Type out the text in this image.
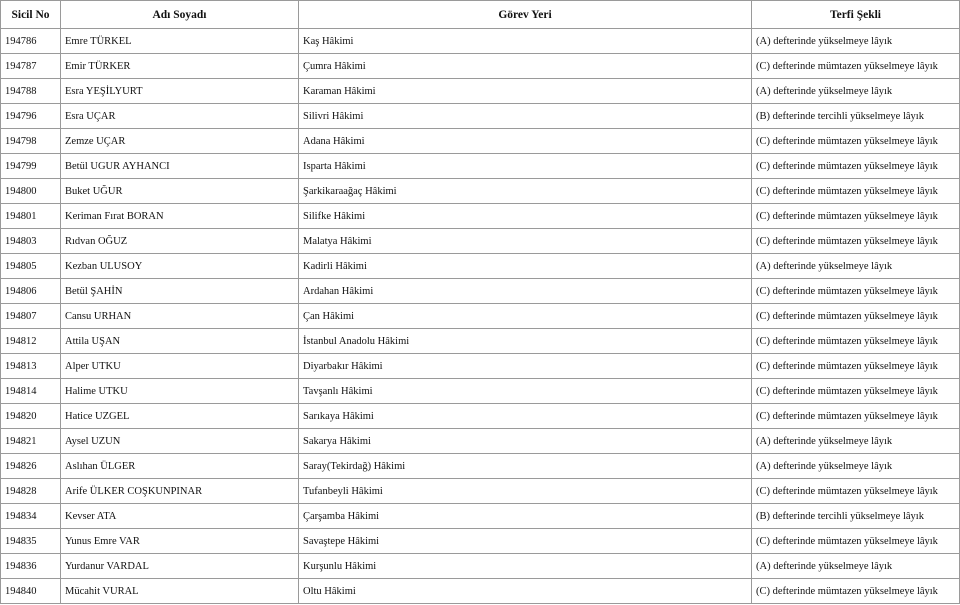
Sicil No	Adı Soyadı	Görev Yeri	Terfi Şekli
194786	Emre TÜRKEL	Kaş Hâkimi	(A) defterinde yükselmeye lâyık
194787	Emir TÜRKER	Çumra Hâkimi	(C) defterinde mümtazen yükselmeye lâyık
194788	Esra YEŞİLYURT	Karaman Hâkimi	(A) defterinde yükselmeye lâyık
194796	Esra UÇAR	Silivri Hâkimi	(B) defterinde tercihli yükselmeye lâyık
194798	Zemze UÇAR	Adana Hâkimi	(C) defterinde mümtazen yükselmeye lâyık
194799	Betül UGUR AYHANCI	Isparta Hâkimi	(C) defterinde mümtazen yükselmeye lâyık
194800	Buket UĞUR	Şarkikaraağaç Hâkimi	(C) defterinde mümtazen yükselmeye lâyık
194801	Keriman Fırat BORAN	Silifke Hâkimi	(C) defterinde mümtazen yükselmeye lâyık
194803	Rıdvan OĞUZ	Malatya Hâkimi	(C) defterinde mümtazen yükselmeye lâyık
194805	Kezban ULUSOY	Kadirli Hâkimi	(A) defterinde yükselmeye lâyık
194806	Betül ŞAHİN	Ardahan Hâkimi	(C) defterinde mümtazen yükselmeye lâyık
194807	Cansu URHAN	Çan Hâkimi	(C) defterinde mümtazen yükselmeye lâyık
194812	Attila UŞAN	İstanbul Anadolu Hâkimi	(C) defterinde mümtazen yükselmeye lâyık
194813	Alper UTKU	Diyarbakır Hâkimi	(C) defterinde mümtazen yükselmeye lâyık
194814	Halime UTKU	Tavşanlı Hâkimi	(C) defterinde mümtazen yükselmeye lâyık
194820	Hatice UZGEL	Sarıkaya Hâkimi	(C) defterinde mümtazen yükselmeye lâyık
194821	Aysel UZUN	Sakarya Hâkimi	(A) defterinde yükselmeye lâyık
194826	Aslıhan ÜLGER	Saray(Tekirdağ) Hâkimi	(A) defterinde yükselmeye lâyık
194828	Arife ÜLKER COŞKUNPINAR	Tufanbeyli Hâkimi	(C) defterinde mümtazen yükselmeye lâyık
194834	Kevser ATA	Çarşamba Hâkimi	(B) defterinde tercihli yükselmeye lâyık
194835	Yunus Emre VAR	Savaştepe Hâkimi	(C) defterinde mümtazen yükselmeye lâyık
194836	Yurdanur VARDAL	Kurşunlu Hâkimi	(A) defterinde yükselmeye lâyık
194840	Mücahit VURAL	Oltu Hâkimi	(C) defterinde mümtazen yükselmeye lâyık
